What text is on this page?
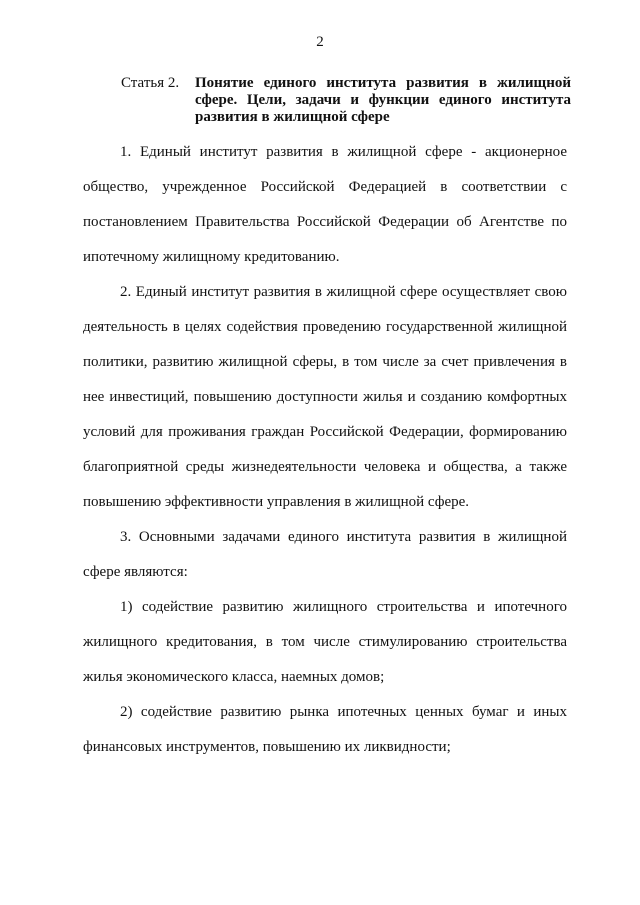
2
Статья 2.	Понятие единого института развития в жилищной сфере. Цели, задачи и функции единого института развития в жилищной сфере

1. Единый институт развития в жилищной сфере - акционерное общество, учрежденное Российской Федерацией в соответствии с постановлением Правительства Российской Федерации об Агентстве по ипотечному жилищному кредитованию.

2. Единый институт развития в жилищной сфере осуществляет свою деятельность в целях содействия проведению государственной жилищной политики, развитию жилищной сферы, в том числе за счет привлечения в нее инвестиций, повышению доступности жилья и созданию комфортных условий для проживания граждан Российской Федерации, формированию благоприятной среды жизнедеятельности человека и общества, а также повышению эффективности управления в жилищной сфере.

3. Основными задачами единого института развития в жилищной сфере являются:

1) содействие развитию жилищного строительства и ипотечного жилищного кредитования, в том числе стимулированию строительства жилья экономического класса, наемных домов;

2) содействие развитию рынка ипотечных ценных бумаг и иных финансовых инструментов, повышению их ликвидности;
